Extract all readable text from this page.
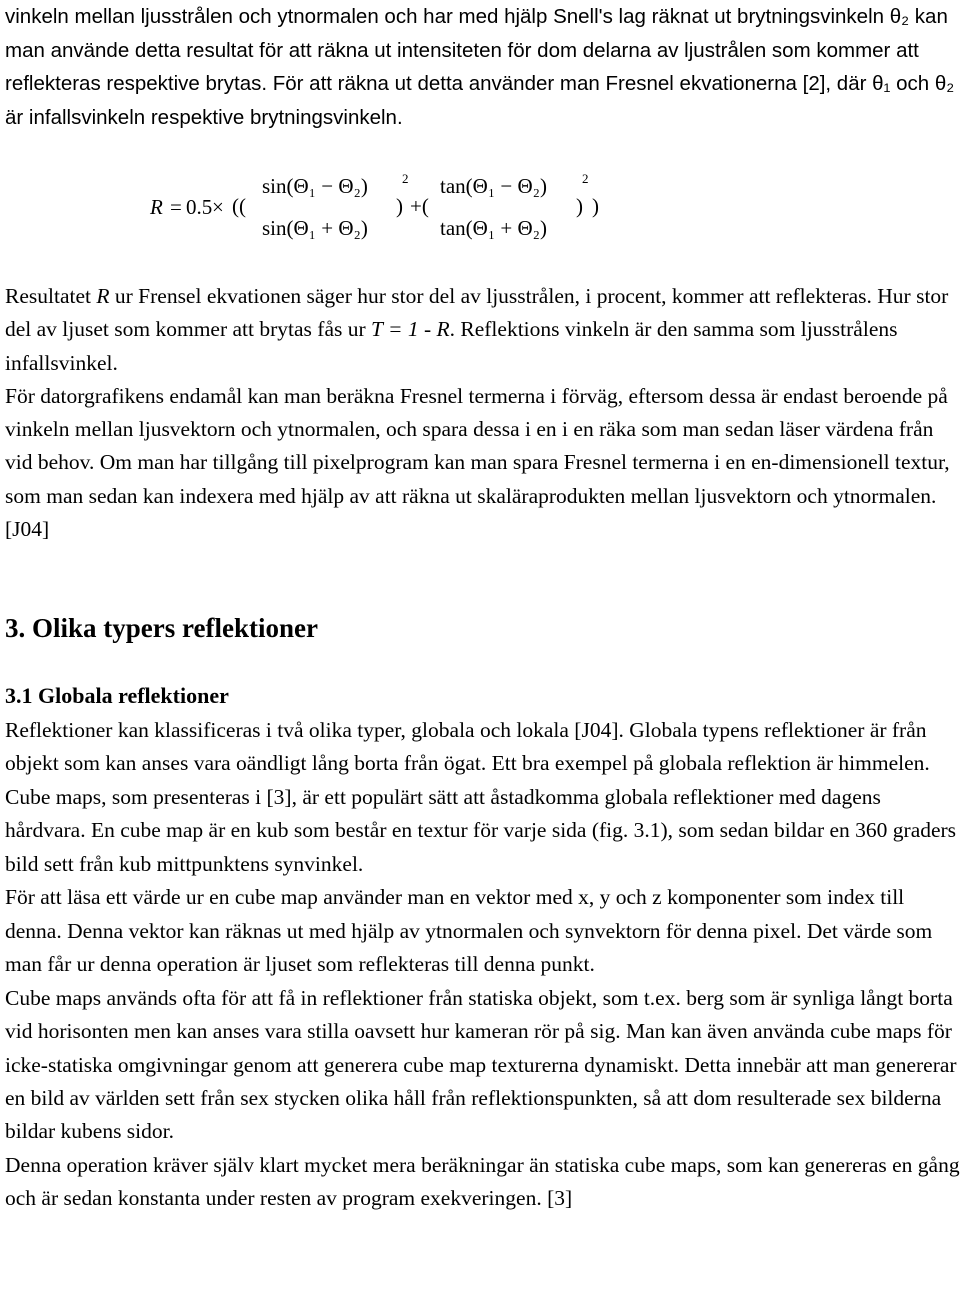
vinkeln mellan ljusstrålen och ytnormalen och har med hjälp Snell's lag räknat ut brytningsvinkeln θ₂ kan man använde detta resultat för att räkna ut intensiteten för dom delarna av ljustrålen som kommer att reflekteras respektive brytas. För att räkna ut detta använder man Fresnel ekvationerna [2], där θ₁ och θ₂ är infallsvinkeln respektive brytningsvinkeln.

R = 0.5 × ((
sin(Θ₁ − Θ₂)
sin(Θ₁ + Θ₂)
)
2
+(
tan(Θ₁ − Θ₂)
tan(Θ₁ + Θ₂)
)
2
)

Resultatet R ur Frensel ekvationen säger hur stor del av ljusstrålen, i procent, kommer att reflekteras. Hur stor del av ljuset som kommer att brytas fås ur T = 1 - R. Reflektions vinkeln är den samma som ljusstrålens infallsvinkel.

För datorgrafikens endamål kan man beräkna Fresnel termerna i förväg, eftersom dessa är endast beroende på vinkeln mellan ljusvektorn och ytnormalen, och spara dessa i en i en räka som man sedan läser värdena från vid behov. Om man har tillgång till pixelprogram kan man spara Fresnel termerna i en en-dimensionell textur, som man sedan kan indexera med hjälp av att räkna ut skaläraprodukten mellan ljusvektorn och ytnormalen. [J04]

3. Olika typers reflektioner
3.1 Globala reflektioner

Reflektioner kan klassificeras i två olika typer, globala och lokala [J04]. Globala typens reflektioner är från objekt som kan anses vara oändligt lång borta från ögat. Ett bra exempel på globala reflektion är himmelen. Cube maps, som presenteras i [3], är ett populärt sätt att åstadkomma globala reflektioner med dagens hårdvara. En cube map är en kub som består en textur för varje sida (fig. 3.1), som sedan bildar en 360 graders bild sett från kub mittpunktens synvinkel.

För att läsa ett värde ur en cube map använder man en vektor med x, y och z komponenter som index till denna. Denna vektor kan räknas ut med hjälp av ytnormalen och synvektorn för denna pixel. Det värde som man får ur denna operation är ljuset som reflekteras till denna punkt.

Cube maps används ofta för att få in reflektioner från statiska objekt, som t.ex. berg som är synliga långt borta vid horisonten men kan anses vara stilla oavsett hur kameran rör på sig. Man kan även använda cube maps för icke-statiska omgivningar genom att generera cube map texturerna dynamiskt. Detta innebär att man genererar en bild av världen sett från sex stycken olika håll från reflektionspunkten, så att dom resulterade sex bilderna bildar kubens sidor.

Denna operation kräver själv klart mycket mera beräkningar än statiska cube maps, som kan genereras en gång och är sedan konstanta under resten av program exekveringen. [3]
